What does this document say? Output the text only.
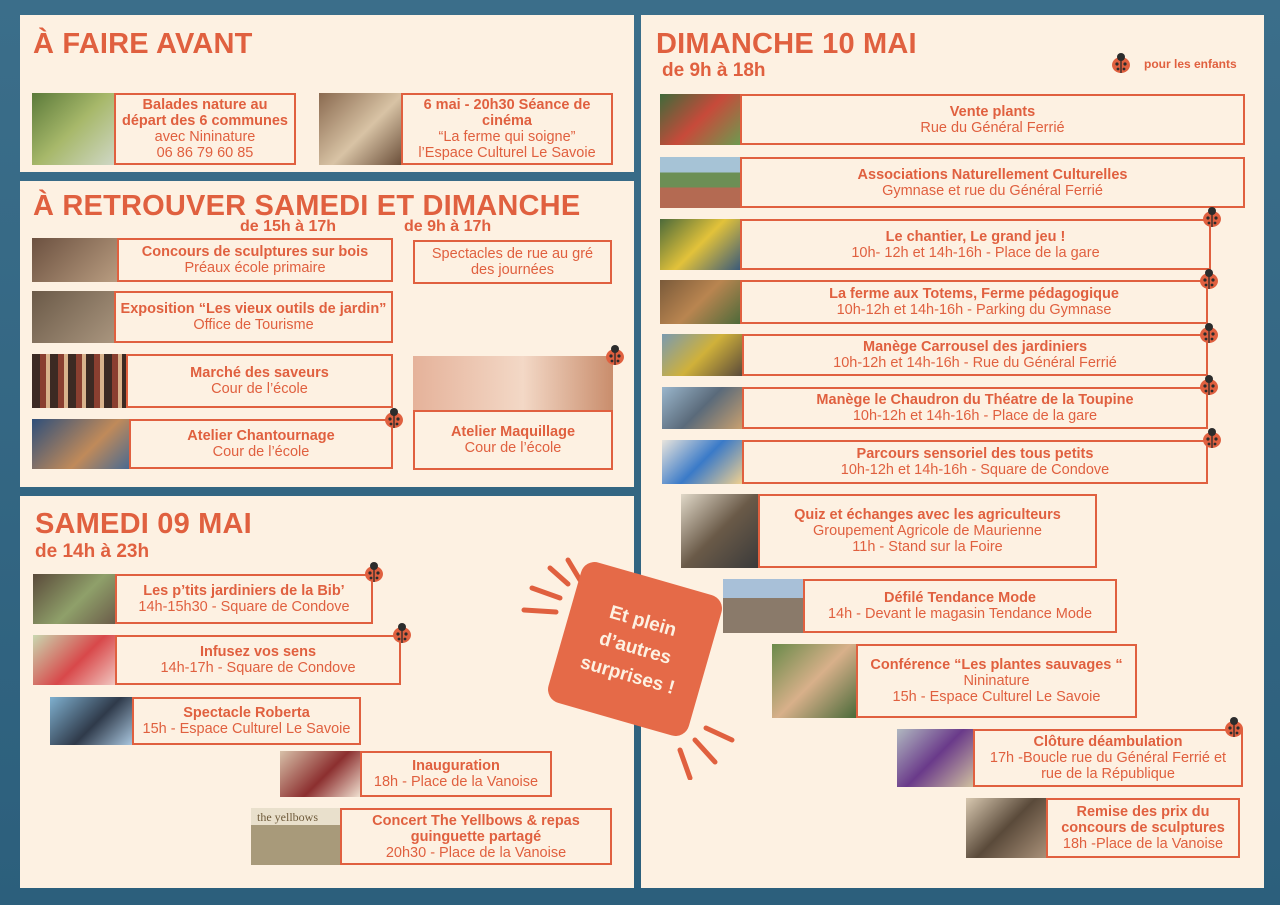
À FAIRE AVANT
Balades nature au départ des 6 communes
avec Nininature
06 86 79 60 85
6 mai - 20h30 Séance de cinéma
“La ferme qui soigne”
l’Espace Culturel Le Savoie
À RETROUVER SAMEDI ET DIMANCHE
de 15h à 17h	de 9h à 17h
Concours de sculptures sur bois
Préaux école primaire
Spectacles de rue au gré des journées
Exposition “Les vieux outils de jardin”
Office de Tourisme
Marché des saveurs
Cour de l’école
Atelier Chantournage
Cour de l’école
Atelier Maquillage
Cour de l’école
SAMEDI 09 MAI
de 14h à 23h
Les p’tits jardiniers de la Bib’
14h-15h30 - Square de Condove
Infusez vos sens
14h-17h - Square de Condove
Spectacle Roberta
15h - Espace Culturel Le Savoie
Inauguration
18h - Place de la Vanoise
the yellbows	Concert The Yellbows & repas guinguette partagé
20h30 - Place de la Vanoise
Et plein d’autres surprises !
DIMANCHE 10 MAI
de 9h à 18h	pour les enfants
Vente plants
Rue du Général Ferrié
Associations Naturellement Culturelles
Gymnase et rue du Général Ferrié
Le chantier, Le grand jeu !
10h- 12h et 14h-16h - Place de la gare
La ferme aux Totems, Ferme pédagogique
10h-12h et 14h-16h - Parking du Gymnase
Manège Carrousel des jardiniers
10h-12h et 14h-16h - Rue du Général Ferrié
Manège le Chaudron du Théatre de la Toupine
10h-12h et 14h-16h - Place de la gare
Parcours sensoriel des tous petits
10h-12h et 14h-16h - Square de Condove
Quiz et échanges avec les agriculteurs
Groupement Agricole de Maurienne
11h - Stand sur la Foire
Défilé Tendance Mode
14h - Devant le magasin Tendance Mode
Conférence “Les plantes sauvages “
Nininature
15h - Espace Culturel Le Savoie
Clôture déambulation
17h -Boucle rue du Général Ferrié et rue de la République
Remise des prix du concours de sculptures
18h -Place de la Vanoise
